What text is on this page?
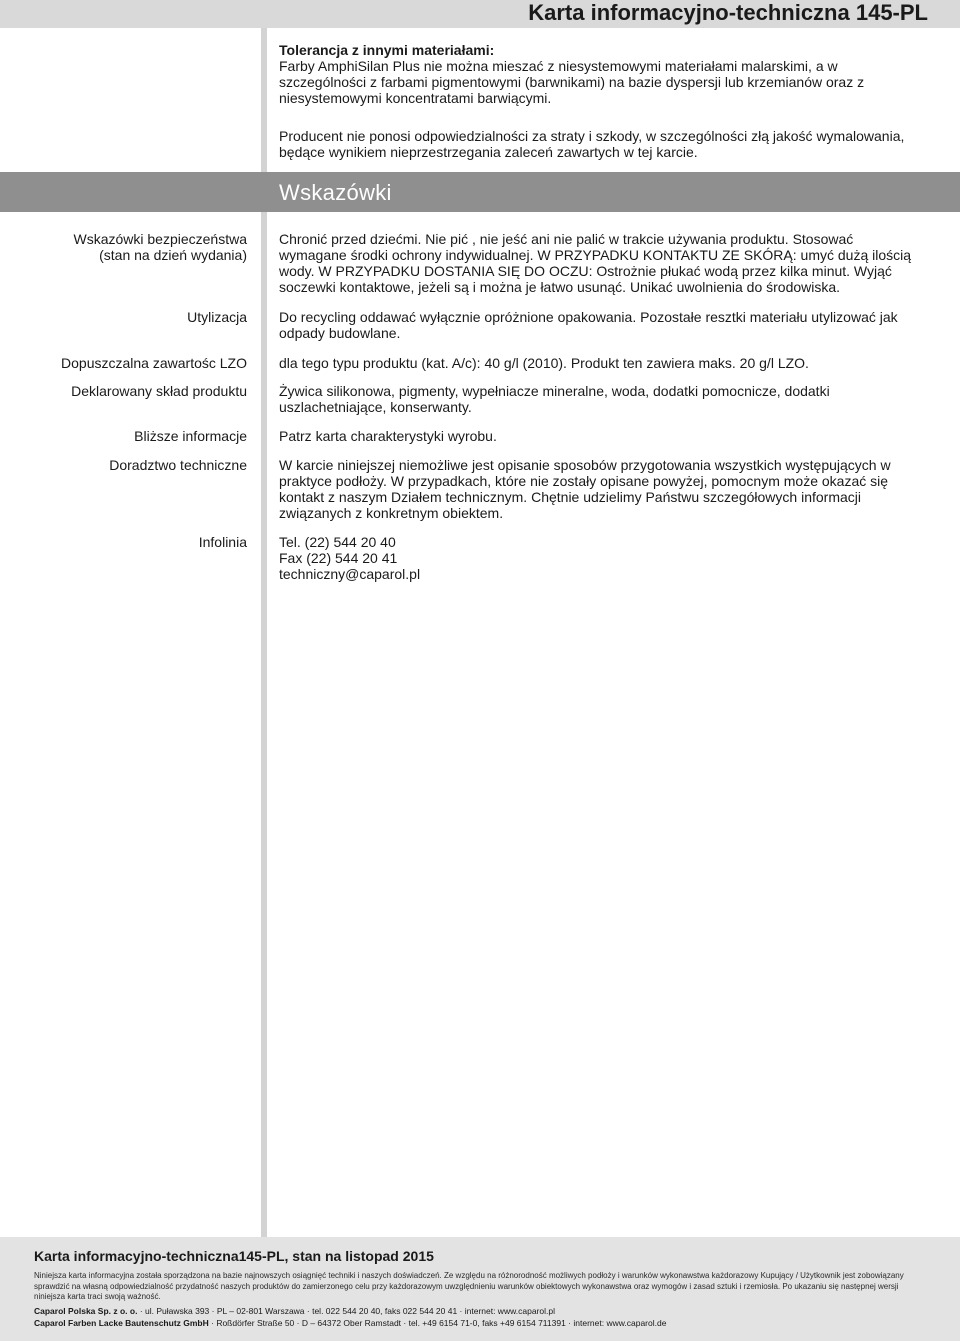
Karta informacyjno-techniczna 145-PL
Tolerancja z innymi materiałami:
Farby AmphiSilan Plus nie można mieszać z niesystemowymi materiałami malarskimi, a w
szczególności z farbami pigmentowymi (barwnikami) na bazie dyspersji lub krzemianów oraz z
niesystemowymi koncentratami barwiącymi.
Producent nie ponosi odpowiedzialności za straty i szkody, w szczególności złą jakość wymalowania,
będące wynikiem nieprzestrzegania zaleceń zawartych w tej karcie.
Wskazówki
Wskazówki bezpieczeństwa
(stan na dzień wydania)
Chronić przed dziećmi. Nie pić , nie jeść ani nie palić w trakcie używania produktu. Stosować
wymagane środki ochrony indywidualnej. W PRZYPADKU KONTAKTU ZE SKÓRĄ: umyć dużą ilością
wody. W PRZYPADKU DOSTANIA SIĘ DO OCZU: Ostrożnie płukać wodą przez kilka minut. Wyjąć
soczewki kontaktowe, jeżeli są i można je łatwo usunąć. Unikać uwolnienia do środowiska.
Utylizacja Do recycling oddawać wyłącznie opróżnione opakowania. Pozostałe resztki materiału utylizować jak
odpady budowlane.
Dopuszczalna zawartośc LZO dla tego typu produktu (kat. A/c): 40 g/l (2010). Produkt ten zawiera maks. 20 g/l LZO.
Deklarowany skład produktu Żywica silikonowa, pigmenty, wypełniacze mineralne, woda, dodatki pomocnicze, dodatki
uszlachetniające, konserwanty.
Bliższe informacje Patrz karta charakterystyki wyrobu.
Doradztwo techniczne W karcie niniejszej niemożliwe jest opisanie sposobów przygotowania wszystkich występujących w
praktyce podłoży. W przypadkach, które nie zostały opisane powyżej, pomocnym może okazać się
kontakt z naszym Działem technicznym. Chętnie udzielimy Państwu szczegółowych informacji
związanych z konkretnym obiektem.
Infolinia Tel. (22) 544 20 40
Fax (22) 544 20 41
techniczny@caparol.pl
Karta informacyjno-techniczna145-PL, stan na listopad 2015
Niniejsza karta informacyjna została sporządzona na bazie najnowszych osiągnięć techniki i naszych doświadczeń. Ze względu na różnorodność możliwych podłoży i warunków wykonawstwa każdorazowy Kupujący / Użytkownik jest zobowiązany
sprawdzić na własną odpowiedzialność przydatność naszych produktów do zamierzonego celu przy każdorazowym uwzględnieniu warunków obiektowych wykonawstwa oraz wymogów i zasad sztuki i rzemiosła. Po ukazaniu się następnej wersji
niniejsza karta traci swoją ważność.
Caparol Polska Sp. z o. o. · ul. Puławska 393 · PL – 02-801 Warszawa · tel. 022 544 20 40, faks 022 544 20 41 · internet: www.caparol.pl
Caparol Farben Lacke Bautenschutz GmbH · Roßdörfer Straße 50 · D – 64372 Ober Ramstadt · tel. +49 6154 71-0, faks +49 6154 711391 · internet: www.caparol.de
